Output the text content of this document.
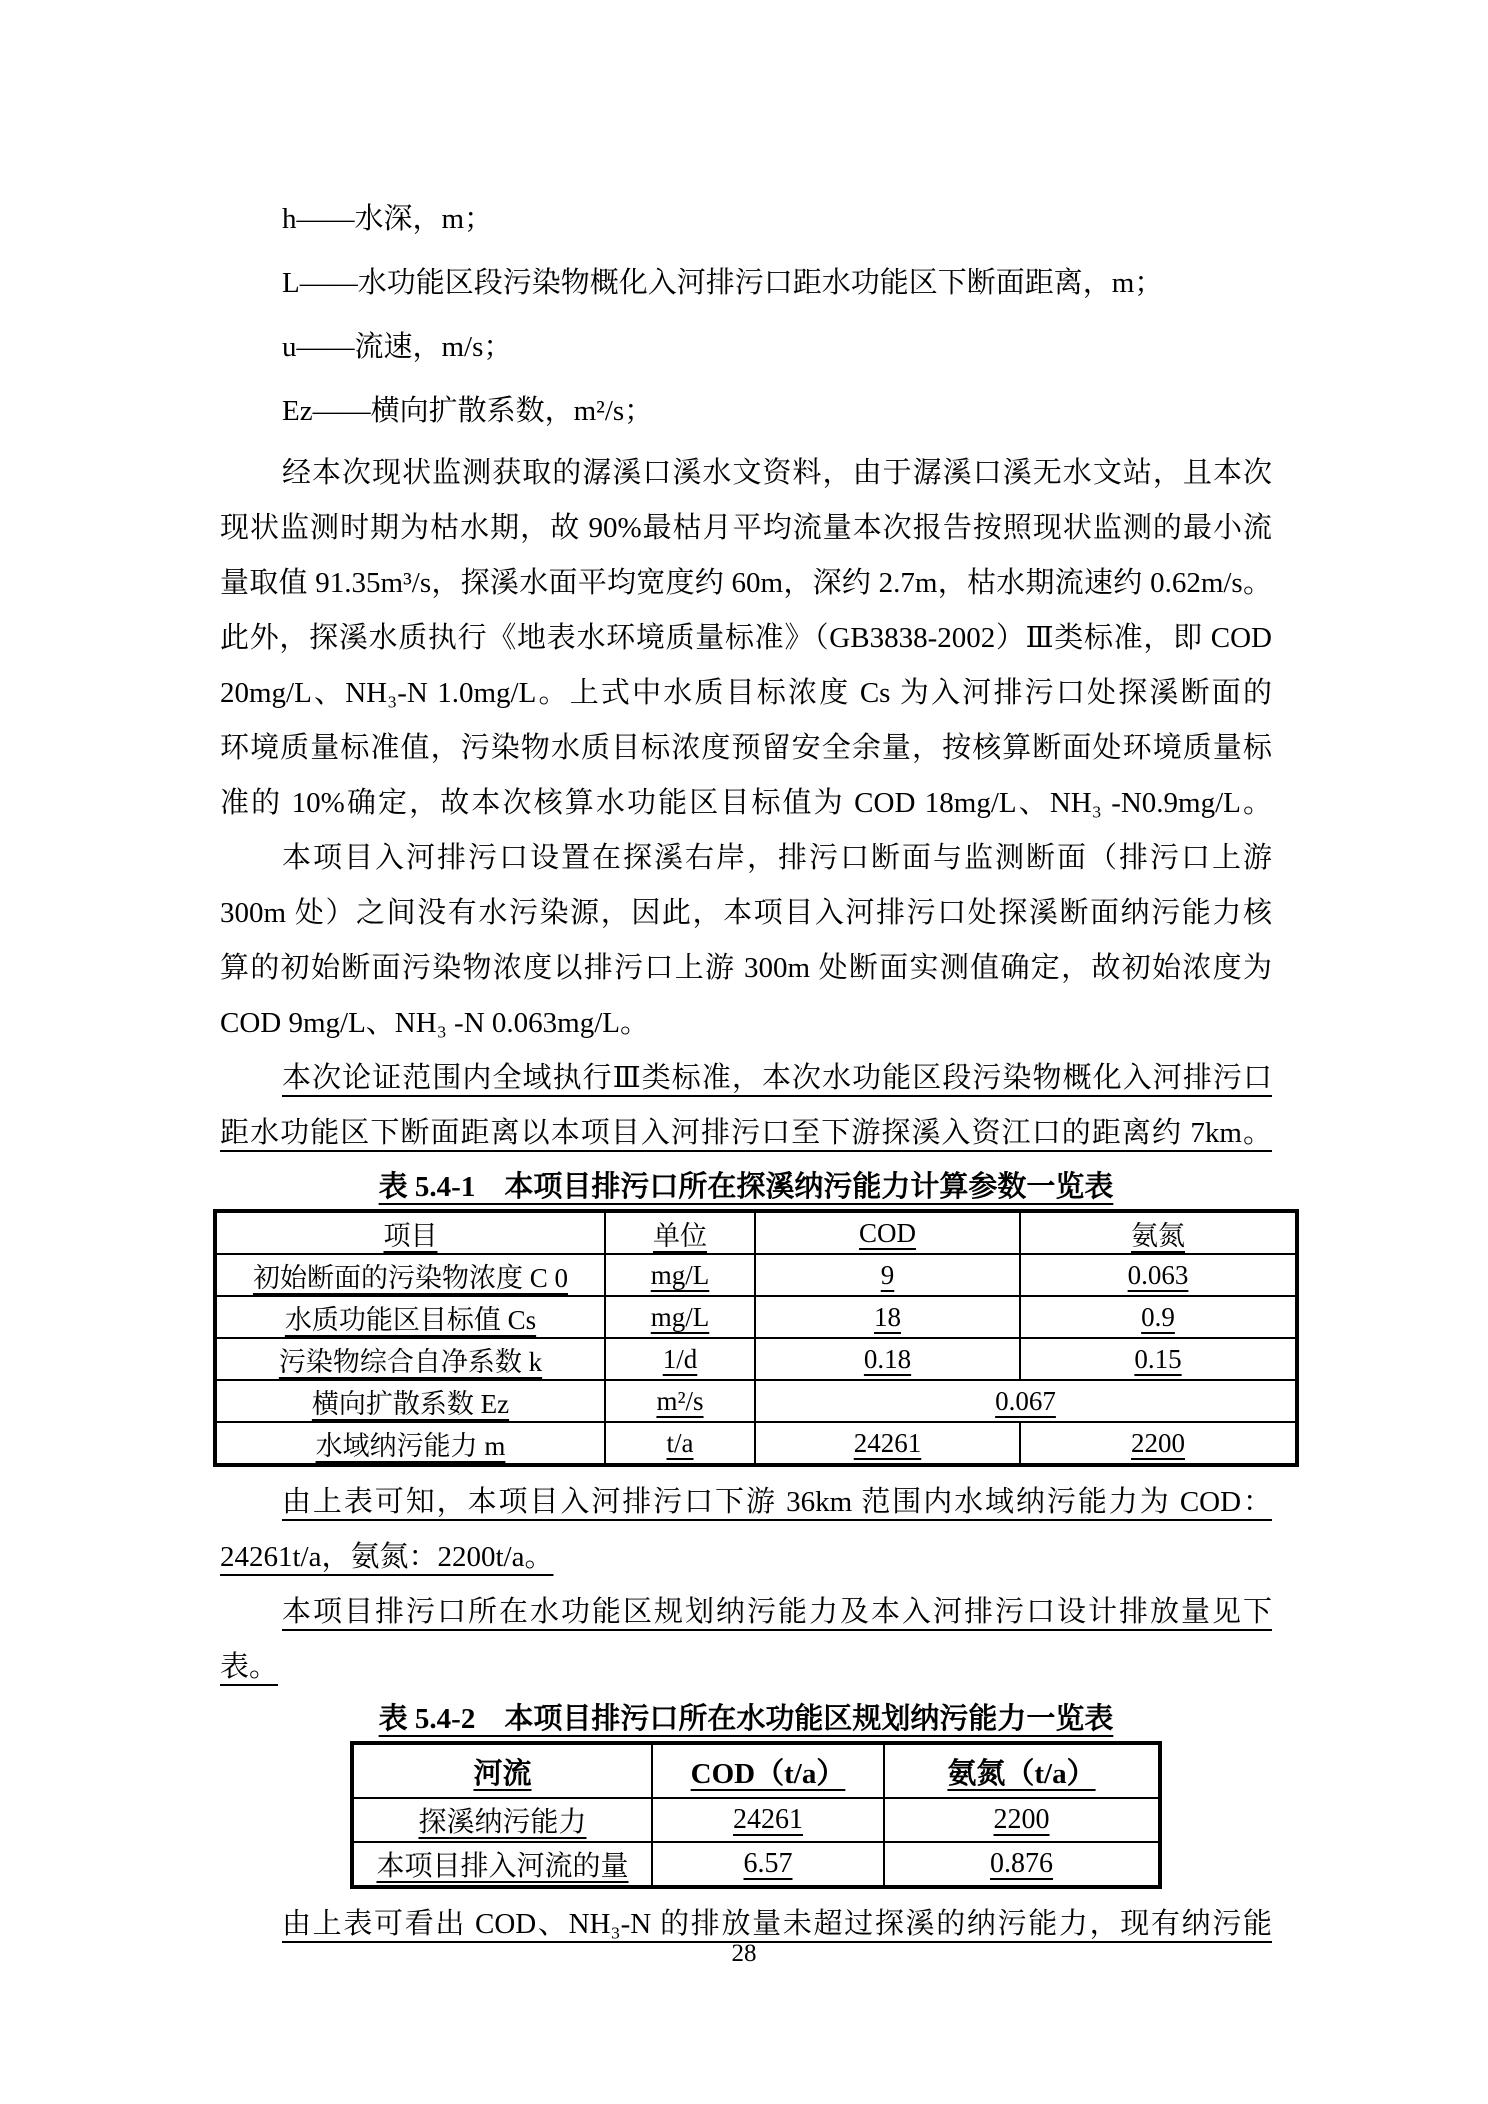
h——水深，m；
L——水功能区段污染物概化入河排污口距水功能区下断面距离，m；
u——流速，m/s；
Ez——横向扩散系数，m²/s；
经本次现状监测获取的潺溪口溪水文资料，由于潺溪口溪无水文站，且本次
现状监测时期为枯水期，故 90%最枯月平均流量本次报告按照现状监测的最小流
量取值 91.35m³/s，探溪水面平均宽度约 60m，深约 2.7m，枯水期流速约 0.62m/s。
此外，探溪水质执行《地表水环境质量标准》（GB3838-2002）Ⅲ类标准，即 COD
20mg/L、NH₃-N 1.0mg/L。上式中水质目标浓度 Cs 为入河排污口处探溪断面的
环境质量标准值，污染物水质目标浓度预留安全余量，按核算断面处环境质量标
准的 10%确定，故本次核算水功能区目标值为 COD 18mg/L、NH₃ -N0.9mg/L。
本项目入河排污口设置在探溪右岸，排污口断面与监测断面（排污口上游
300m 处）之间没有水污染源，因此，本项目入河排污口处探溪断面纳污能力核
算的初始断面污染物浓度以排污口上游 300m 处断面实测值确定，故初始浓度为
COD 9mg/L、NH₃ -N 0.063mg/L。
本次论证范围内全域执行Ⅲ类标准，本次水功能区段污染物概化入河排污口
距水功能区下断面距离以本项目入河排污口至下游探溪入资江口的距离约 7km。
表 5.4-1　本项目排污口所在探溪纳污能力计算参数一览表
项目	单位	COD	氨氮
初始断面的污染物浓度 C 0	mg/L	9	0.063
水质功能区目标值 Cs	mg/L	18	0.9
污染物综合自净系数 k	1/d	0.18	0.15
横向扩散系数 Ez	m²/s	0.067	
水域纳污能力 m	t/a	24261	2200
由上表可知，本项目入河排污口下游 36km 范围内水域纳污能力为 COD：
24261t/a，氨氮：2200t/a。
本项目排污口所在水功能区规划纳污能力及本入河排污口设计排放量见下
表。
表 5.4-2　本项目排污口所在水功能区规划纳污能力一览表
河流	COD（t/a）	氨氮（t/a）
探溪纳污能力	24261	2200
本项目排入河流的量	6.57	0.876
由上表可看出 COD、NH₃-N 的排放量未超过探溪的纳污能力，现有纳污能
28
